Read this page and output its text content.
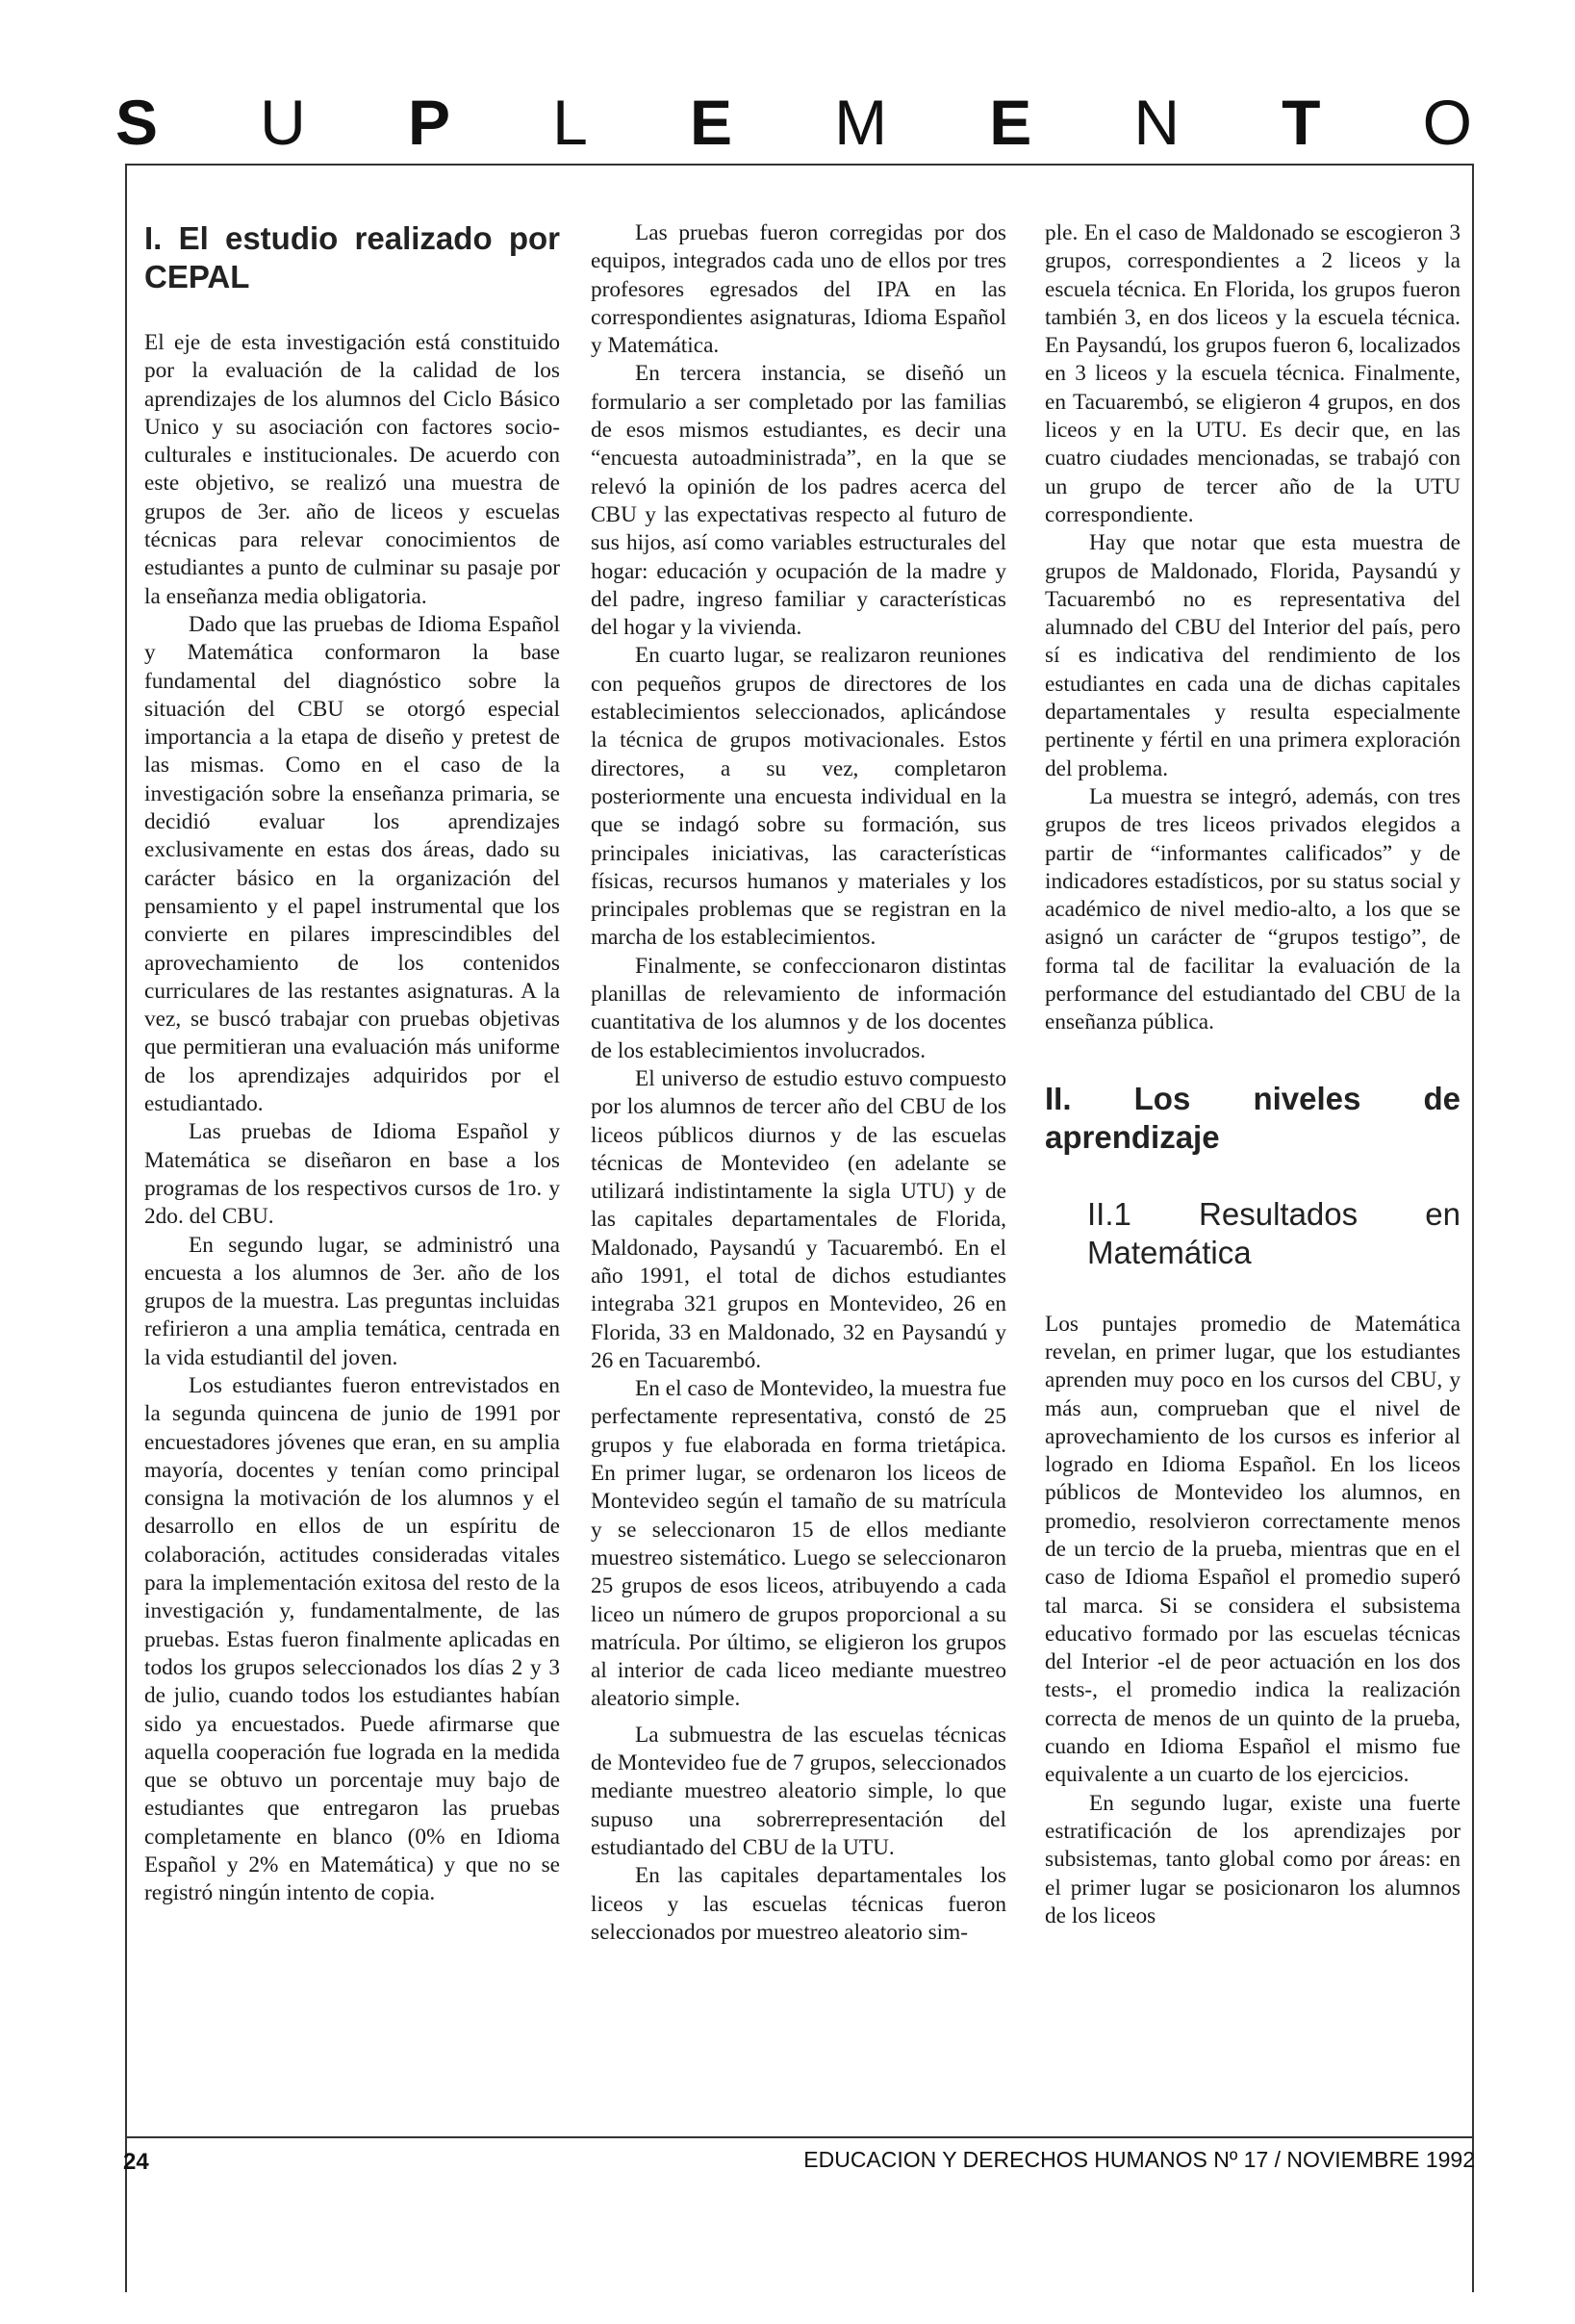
S U P L E M E N T O
I. El estudio realizado por CEPAL

El eje de esta investigación está constituido por la evaluación de la calidad de los aprendizajes de los alumnos del Ciclo Básico Unico y su asociación con factores socio-culturales e institucionales. De acuerdo con este objetivo, se realizó una muestra de grupos de 3er. año de liceos y escuelas técnicas para relevar conocimientos de estudiantes a punto de culminar su pasaje por la enseñanza media obligatoria.

Dado que las pruebas de Idioma Español y Matemática conformaron la base fundamental del diagnóstico sobre la situación del CBU se otorgó especial importancia a la etapa de diseño y pretest de las mismas. Como en el caso de la investigación sobre la enseñanza primaria, se decidió evaluar los aprendizajes exclusivamente en estas dos áreas, dado su carácter básico en la organización del pensamiento y el papel instrumental que los convierte en pilares imprescindibles del aprovechamiento de los contenidos curriculares de las restantes asignaturas. A la vez, se buscó trabajar con pruebas objetivas que permitieran una evaluación más uniforme de los aprendizajes adquiridos por el estudiantado.

Las pruebas de Idioma Español y Matemática se diseñaron en base a los programas de los respectivos cursos de 1ro. y 2do. del CBU.

En segundo lugar, se administró una encuesta a los alumnos de 3er. año de los grupos de la muestra. Las preguntas incluidas refirieron a una amplia temática, centrada en la vida estudiantil del joven.

Los estudiantes fueron entrevistados en la segunda quincena de junio de 1991 por encuestadores jóvenes que eran, en su amplia mayoría, docentes y tenían como principal consigna la motivación de los alumnos y el desarrollo en ellos de un espíritu de colaboración, actitudes consideradas vitales para la implementación exitosa del resto de la investigación y, fundamentalmente, de las pruebas. Estas fueron finalmente aplicadas en todos los grupos seleccionados los días 2 y 3 de julio, cuando todos los estudiantes habían sido ya encuestados. Puede afirmarse que aquella cooperación fue lograda en la medida que se obtuvo un porcentaje muy bajo de estudiantes que entregaron las pruebas completamente en blanco (0% en Idioma Español y 2% en Matemática) y que no se registró ningún intento de copia.

Las pruebas fueron corregidas por dos equipos, integrados cada uno de ellos por tres profesores egresados del IPA en las correspondientes asignaturas, Idioma Español y Matemática.

En tercera instancia, se diseñó un formulario a ser completado por las familias de esos mismos estudiantes, es decir una “encuesta autoadministrada”, en la que se relevó la opinión de los padres acerca del CBU y las expectativas respecto al futuro de sus hijos, así como variables estructurales del hogar: educación y ocupación de la madre y del padre, ingreso familiar y características del hogar y la vivienda.

En cuarto lugar, se realizaron reuniones con pequeños grupos de directores de los establecimientos seleccionados, aplicándose la técnica de grupos motivacionales. Estos directores, a su vez, completaron posteriormente una encuesta individual en la que se indagó sobre su formación, sus principales iniciativas, las características físicas, recursos humanos y materiales y los principales problemas que se registran en la marcha de los establecimientos.

Finalmente, se confeccionaron distintas planillas de relevamiento de información cuantitativa de los alumnos y de los docentes de los establecimientos involucrados.

El universo de estudio estuvo compuesto por los alumnos de tercer año del CBU de los liceos públicos diurnos y de las escuelas técnicas de Montevideo (en adelante se utilizará indistintamente la sigla UTU) y de las capitales departamentales de Florida, Maldonado, Paysandú y Tacuarembó. En el año 1991, el total de dichos estudiantes integraba 321 grupos en Montevideo, 26 en Florida, 33 en Maldonado, 32 en Paysandú y 26 en Tacuarembó.

En el caso de Montevideo, la muestra fue perfectamente representativa, constó de 25 grupos y fue elaborada en forma trietápica. En primer lugar, se ordenaron los liceos de Montevideo según el tamaño de su matrícula y se seleccionaron 15 de ellos mediante muestreo sistemático. Luego se seleccionaron 25 grupos de esos liceos, atribuyendo a cada liceo un número de grupos proporcional a su matrícula. Por último, se eligieron los grupos al interior de cada liceo mediante muestreo aleatorio simple.

La submuestra de las escuelas técnicas de Montevideo fue de 7 grupos, seleccionados mediante muestreo aleatorio simple, lo que supuso una sobrerrepresentación del estudiantado del CBU de la UTU.

En las capitales departamentales los liceos y las escuelas técnicas fueron seleccionados por muestreo aleatorio sim-

ple. En el caso de Maldonado se escogieron 3 grupos, correspondientes a 2 liceos y la escuela técnica. En Florida, los grupos fueron también 3, en dos liceos y la escuela técnica. En Paysandú, los grupos fueron 6, localizados en 3 liceos y la escuela técnica. Finalmente, en Tacuarembó, se eligieron 4 grupos, en dos liceos y en la UTU. Es decir que, en las cuatro ciudades mencionadas, se trabajó con un grupo de tercer año de la UTU correspondiente.

Hay que notar que esta muestra de grupos de Maldonado, Florida, Paysandú y Tacuarembó no es representativa del alumnado del CBU del Interior del país, pero sí es indicativa del rendimiento de los estudiantes en cada una de dichas capitales departamentales y resulta especialmente pertinente y fértil en una primera exploración del problema.

La muestra se integró, además, con tres grupos de tres liceos privados elegidos a partir de “informantes calificados” y de indicadores estadísticos, por su status social y académico de nivel medio-alto, a los que se asignó un carácter de “grupos testigo”, de forma tal de facilitar la evaluación de la performance del estudiantado del CBU de la enseñanza pública.

II. Los niveles de aprendizaje
II.1 Resultados en Matemática

Los puntajes promedio de Matemática revelan, en primer lugar, que los estudiantes aprenden muy poco en los cursos del CBU, y más aun, comprueban que el nivel de aprovechamiento de los cursos es inferior al logrado en Idioma Español. En los liceos públicos de Montevideo los alumnos, en promedio, resolvieron correctamente menos de un tercio de la prueba, mientras que en el caso de Idioma Español el promedio superó tal marca. Si se considera el subsistema educativo formado por las escuelas técnicas del Interior -el de peor actuación en los dos tests-, el promedio indica la realización correcta de menos de un quinto de la prueba, cuando en Idioma Español el mismo fue equivalente a un cuarto de los ejercicios.

En segundo lugar, existe una fuerte estratificación de los aprendizajes por subsistemas, tanto global como por áreas: en el primer lugar se posicionaron los alumnos de los liceos

24	EDUCACION Y DERECHOS HUMANOS Nº 17 / NOVIEMBRE 1992
